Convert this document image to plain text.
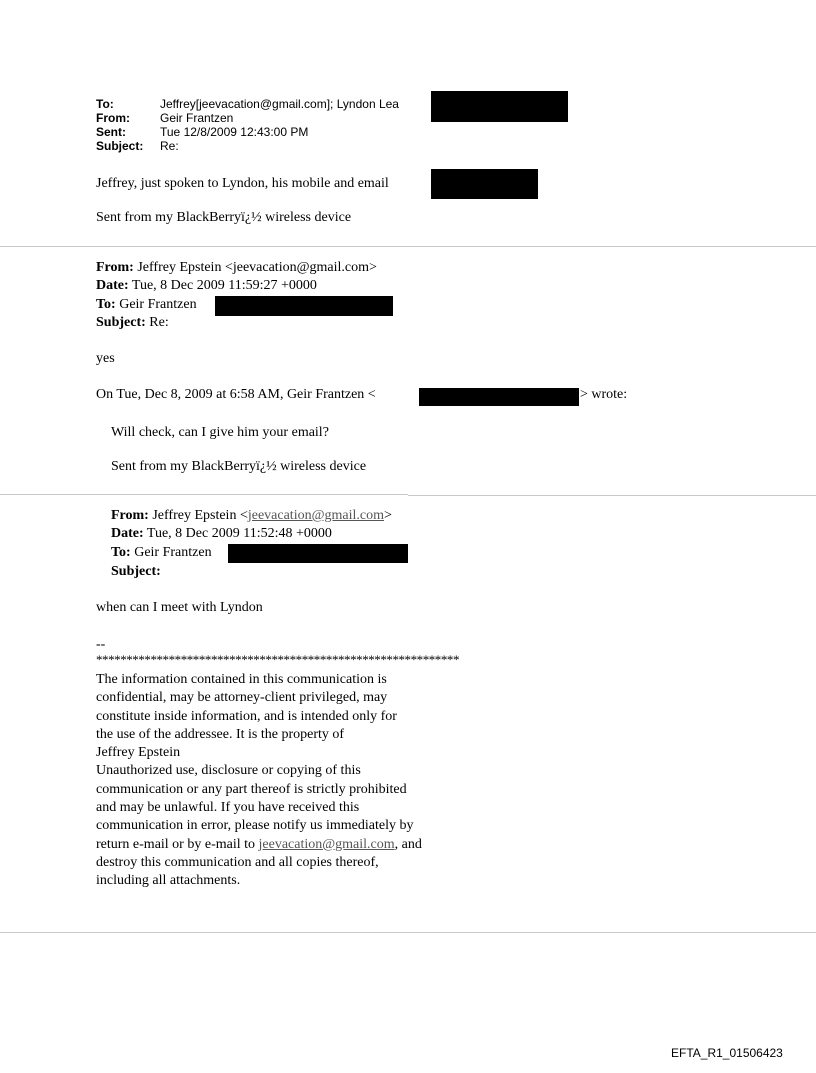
To:	Jeffrey[jeevacation@gmail.com]; Lyndon Lea
From:	Geir Frantzen
Sent:	Tue 12/8/2009 12:43:00 PM
Subject: Re:
Jeffrey, just spoken to Lyndon, his mobile and email
Sent from my BlackBerryï¿½ wireless device
From: Jeffrey Epstein <jeevacation@gmail.com>
Date: Tue, 8 Dec 2009 11:59:27 +0000
To: Geir Frantzen
Subject: Re:
yes
On Tue, Dec 8, 2009 at 6:58 AM, Geir Frantzen <	> wrote:
Will check, can I give him your email?
Sent from my BlackBerryï¿½ wireless device
From: Jeffrey Epstein <jeevacation@gmail.com>
Date: Tue, 8 Dec 2009 11:52:48 +0000
To: Geir Frantzen
Subject:
when can I meet with Lyndon
--
************************************************************
The information contained in this communication is
confidential, may be attorney-client privileged, may
constitute inside information, and is intended only for
the use of the addressee. It is the property of
Jeffrey Epstein
Unauthorized use, disclosure or copying of this
communication or any part thereof is strictly prohibited
and may be unlawful. If you have received this
communication in error, please notify us immediately by
return e-mail or by e-mail to jeevacation@gmail.com, and
destroy this communication and all copies thereof,
including all attachments.
EFTA_R1_01506423
